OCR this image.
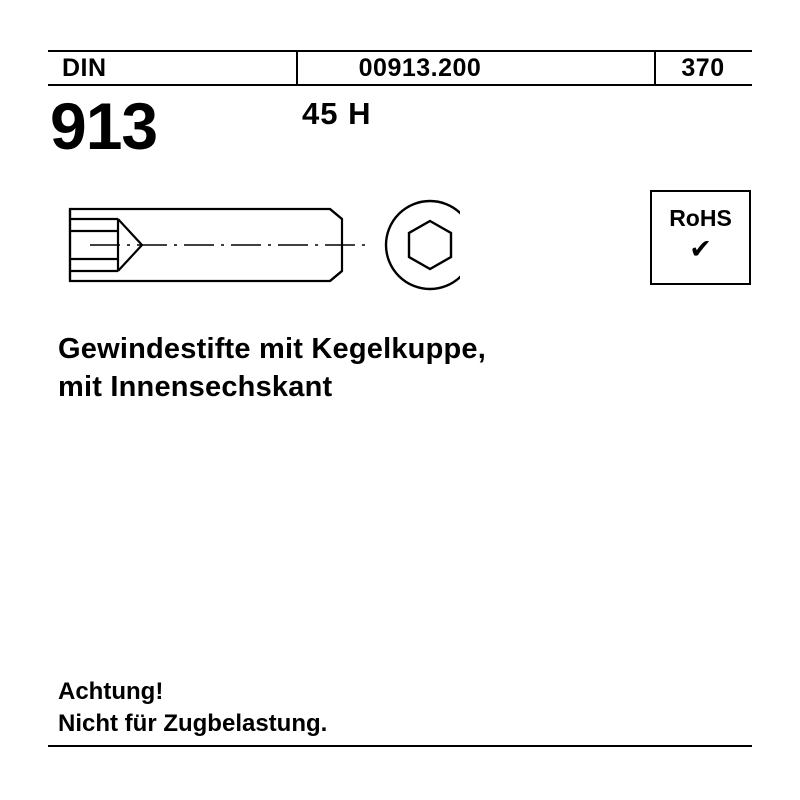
DIN	00913.200	370
913	45 H
RoHS
✔
Gewindestifte mit Kegelkuppe,
mit Innensechskant
Achtung!
Nicht für Zugbelastung.
